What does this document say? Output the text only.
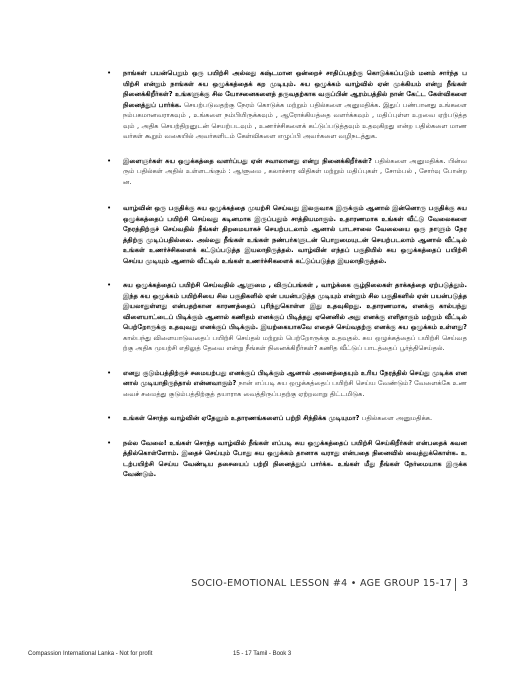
• நாங்கள் பயன்பெறும் ஒரு பயிற்சி அல்லது கஷ்டமான ஒன்றைச் சாதிப்பதற்கு கொடுக்கப்படும் மனம் சார்ந்த பயிற்சி என்றும் நாங்கள் சுய ஒழுக்கத்தைக் கற முடியும். சுய ஒழுக்கம் வாழ்வில் ஏன் முக்கியம் என்று நீங்கள் நினைக்கிறீர்கள்? உங்களுக்கு சில யோசனைகளைத் தருவதற்காக வகுப்பின் ஆரம்பத்தில் நான் கேட்ட கேள்விகளை நினைத்துப் பார்க்க. செயற்படுவதற்கு நேரம் கொடுக்க மற்றும் பதில்களை அனுமதிக்க. இதுப் பண்பானது உங்களை நம்பகமானவராகவும் , உங்களை நம்பியிருக்கவும் , ஆரோக்கியத்தை வளர்க்கவும் , மதிப்புள்ள உறவை ஏற்படுத்தவும் , அதிக செயற்திறனுடன் செயற்படவும் , உணர்ச்சிகளைக் கட்டுப்படுத்தவும் உதவுகிறது என்ற பதில்களை மாணவர்கள் கூறும் வகையில் அவர்களிடம் கேள்விகளை எழுப்பி அவர்களை வழிநடத்துக.

• இளைஞர்கள் சுய ஒழுக்கத்தை வளர்ப்பது ஏன் சவாலானது என்று நினைக்கிறீர்கள்? பதில்களை அனுமதிக்க. பின்வரும் பதில்கள் அதில் உள்ளடங்கும் : ஆளுமை , கலாச்சார விதிகள் மற்றும் மதிப்புகள் , சோம்பல் , சோர்வு போன்றன.

• வாழ்வின் ஒரு பகுதிக்கு சுய ஒழுக்கத்தை முயற்சி செய்வது இலகுவாக இருக்கும் ஆனால் இன்னொரு பகுதிக்கு சுய ஒழுக்கத்தைப் பயிற்சி செய்வது கடினமாக இருப்பதும் சாத்தியமாகும். உதாரணமாக உங்கள் வீட்டு வேலைகளை நேரத்திற்குச் செய்வதில் நீங்கள் திறமையாகச் செயற்படலாம் ஆனால் பாடசாலை வேலையை ஒரு நாளும் நேரத்திற்கு முடிப்பதில்லை. அல்லது நீங்கள் உங்கள் நண்பர்களுடன் பொறுமையுடன் செயற்படலாம் ஆனால் வீட்டில் உங்கள் உணர்ச்சிகளைக் கட்டுப்படுத்த இயலாதிருத்தல். வாழ்வின் எந்தப் பகுதியில் சுய ஒழுக்கத்தைப் பயிற்சி செய்ய முடியும் ஆனால் வீட்டில் உங்கள் உணர்ச்சிகளைக் கட்டுப்படுத்த இயலாதிருத்தல்.

• சுய ஒழுக்கத்தைப் பயிற்சி செய்வதில் ஆளுமை , விருப்பங்கள் , வாழ்க்கை சூழ்நிலைகள் தாக்கத்தை ஏற்படுத்தும். இந்த சுய ஒழுக்கம் பயிற்சியை சில பகுதிகளில் ஏன் பயன்படுத்த முடியும் என்றும் சில பகுதிகளில் ஏன் பயன்படுத்த இயலாதுள்ளது என்பதற்கான காரணத்தைப் புரிந்துகொள்ள இது உதவுகிறது. உதாரணமாக, எனக்கு கால்பந்து விளையாட்டைப் பிடிக்கும் ஆனால் கணிதம் எனக்குப் பிடித்தது ஏனெனில் அது எனக்கு எளிதாகும் மற்றும் வீட்டில் பெற்றோருக்கு உதவுவது எனக்குப் பிடிக்கும். இயற்கையாகவே எதைச் செய்வதற்கு எனக்கு சுய ஒழுக்கம் உள்ளது? கால்பந்து விளையாடுவதைப் பயிற்சி செய்தல் மற்றும் பெற்றோருக்கு உதவுதல். சுய ஒழுக்கத்தைப் பயிற்சி செய்வதற்கு அதிக முயற்சி எதிலுத் தேவை என்று நீங்கள் நினைக்கிறீர்கள்? கணித வீட்டுப் பாடத்தைப் பூர்த்திசெய்தல்.

• எனது குடும்பத்திற்குச் சமையற்பது எனக்குப் பிடிக்கும் ஆனால் அனைத்தையும் உரிய நேரத்தில் செய்து முடிக்க எனனால் முடியாதிருந்தால் என்னவாகும்? நான் எப்படி சுய ஒழுக்கத்தைப் பயிற்சி செய்ய வேண்டும்? வேளைக்கே உணவைச் சமைத்து குடும்பத்திற்குத் தயாராக வைத்திருப்பதற்கு ஏற்றவாறு திட்டமிடுக.

• உங்கள் சொந்த வாழ்வின் ஏதேனும் உதாரணங்களைப் பற்றி சிந்திக்க முடியுமா? பதில்களை அனுமதிக்க.

• நல்ல வேலை! உங்கள் சொந்த வாழ்வில் நீங்கள் எப்படி சுய ஒழுக்கத்தைப் பயிற்சி செய்கிறீர்கள் என்பதைக் கவனத்தில்கொள்ளோம். இதைச் செய்யும் போது சுய ஒழுக்கம் தானாக வராது என்பதை நினைவில் வைத்துக்கொள்க. உடற்பயிற்சி செய்ய வேண்டிய தசையைப் பற்றி நினைத்துப் பார்க்க. உங்கள் மீது நீங்கள் நேர்மையாக இருக்க வேண்டும்.

SOCIO-EMOTIONAL LESSON #4 • AGE GROUP 15-17 3
Compassion International Lanka - Not for profit	15 - 17 Tamil - Book 3
